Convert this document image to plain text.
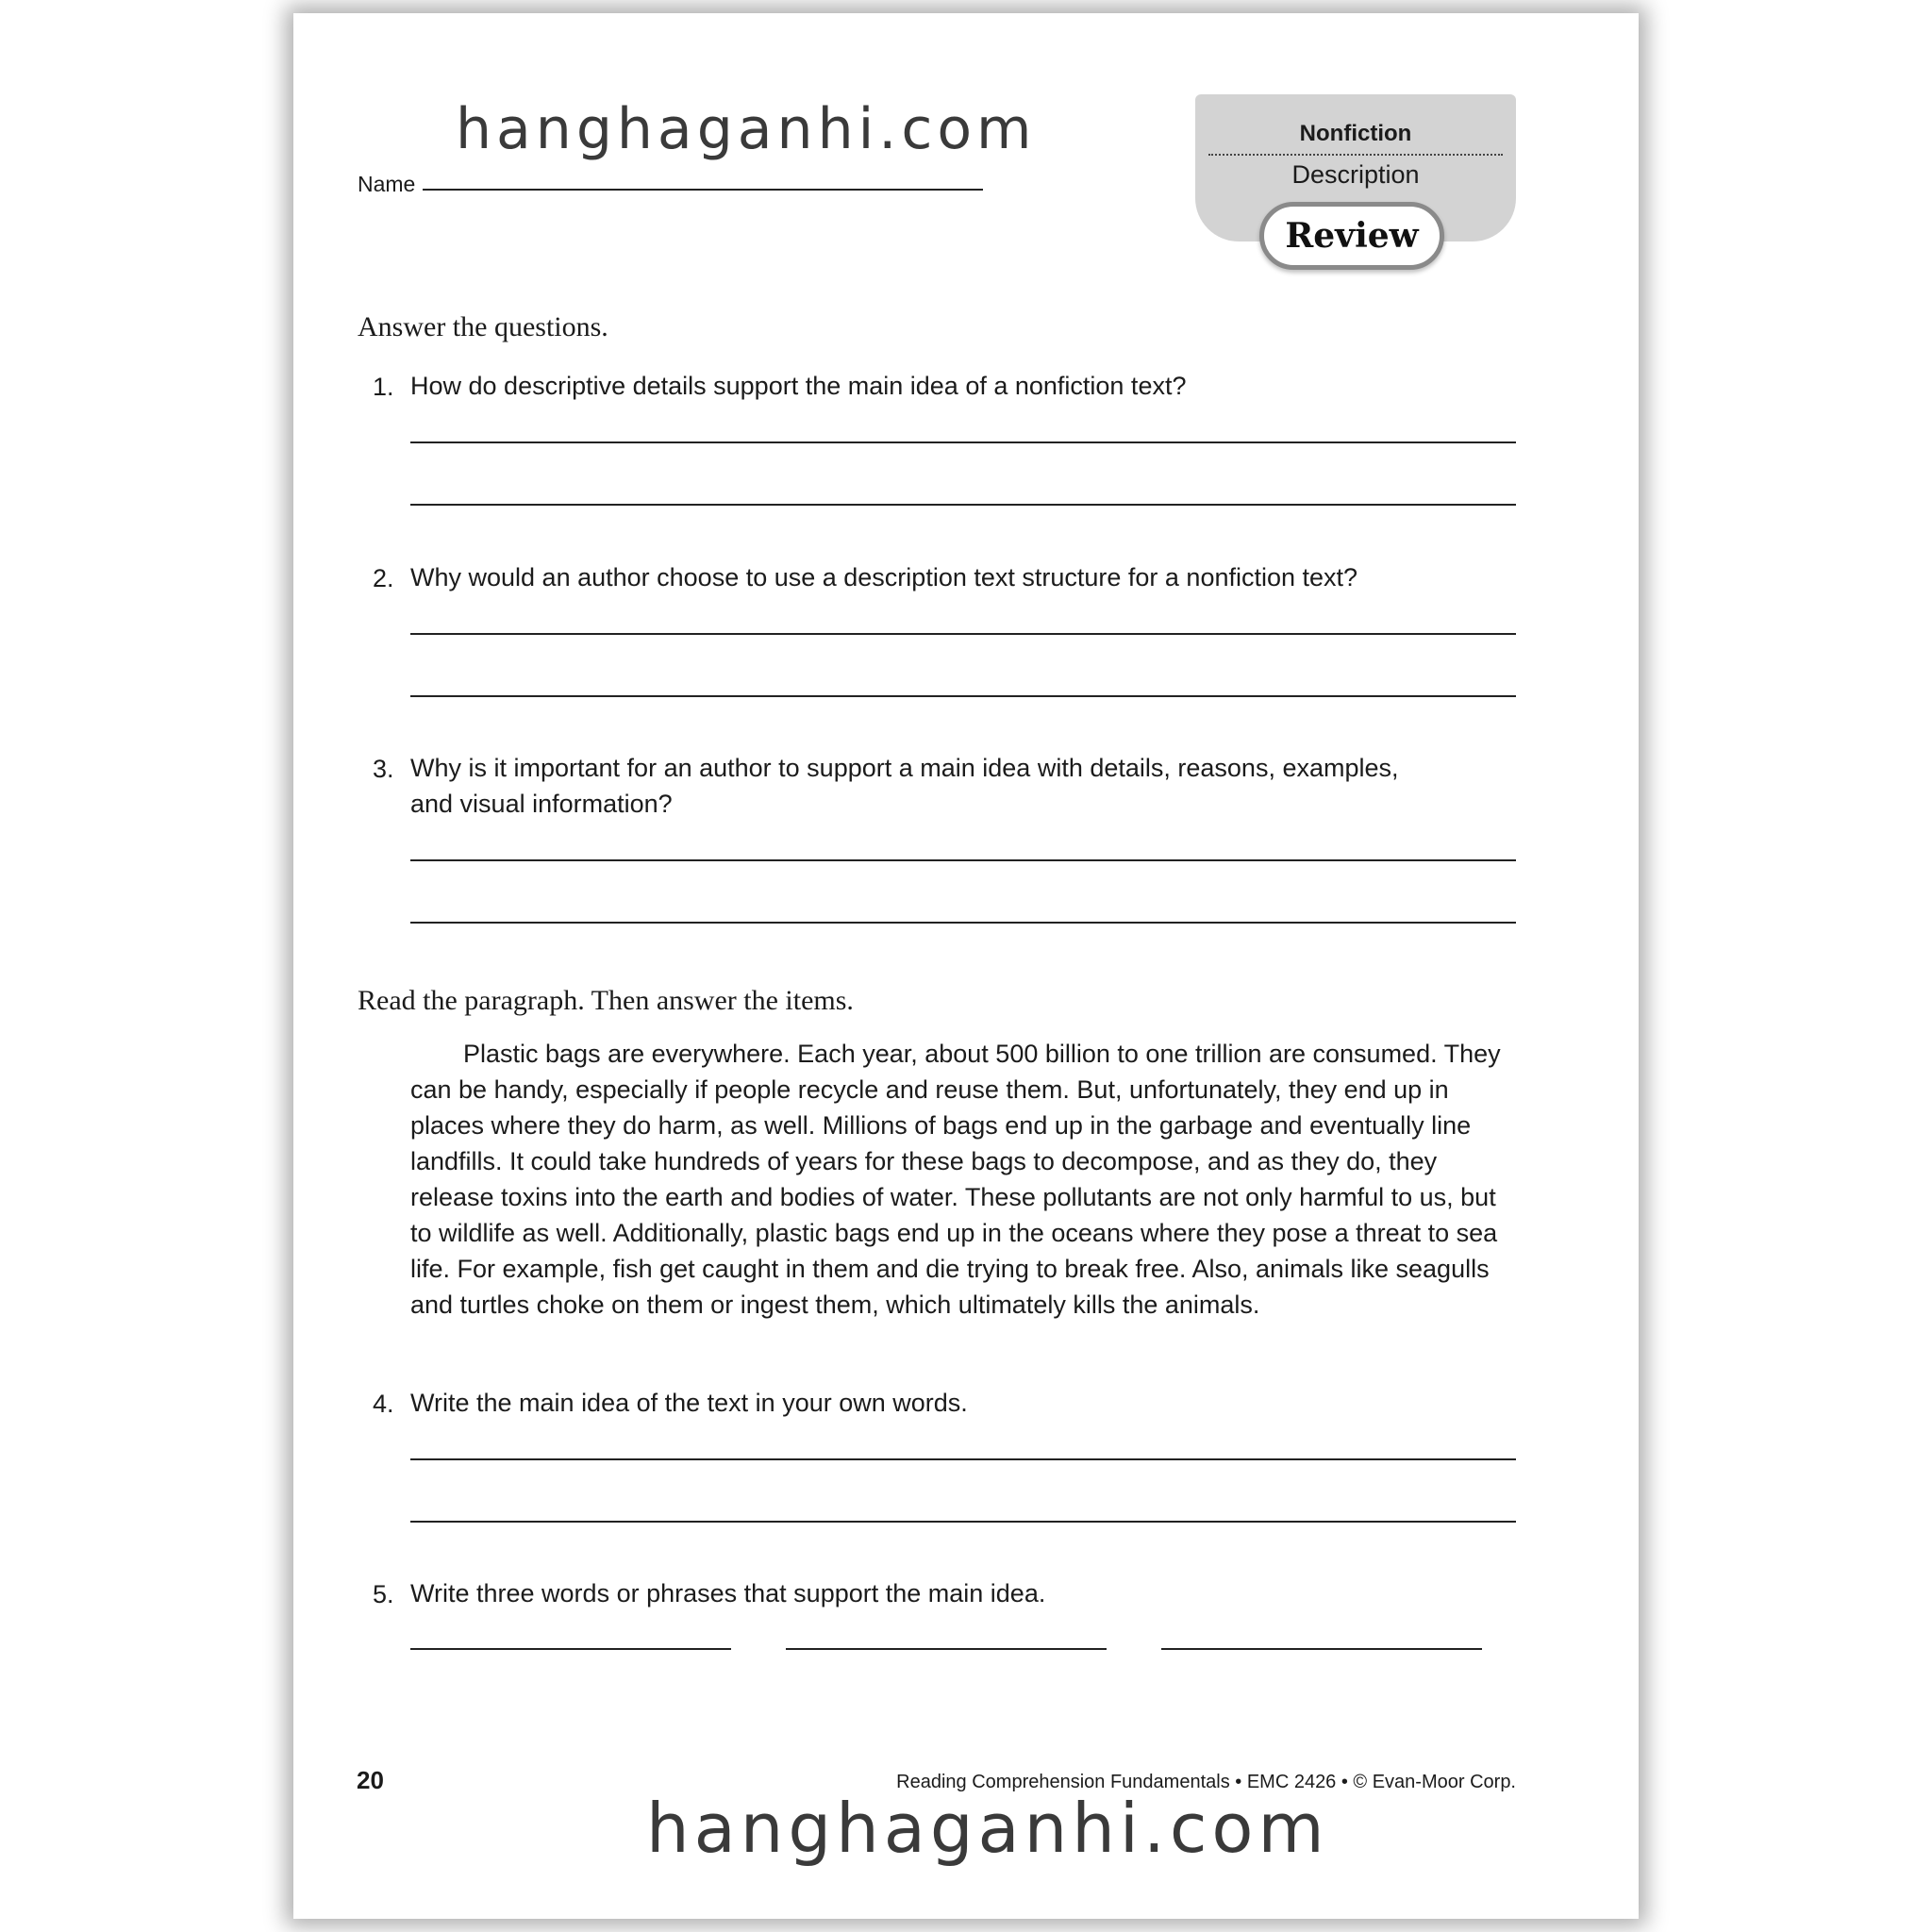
hanghaganhi.com
Name
Nonfiction
Description
Review
Answer the questions.
1. How do descriptive details support the main idea of a nonfiction text?
2. Why would an author choose to use a description text structure for a nonfiction text?
3. Why is it important for an author to support a main idea with details, reasons, examples, and visual information?
Read the paragraph. Then answer the items.

Plastic bags are everywhere. Each year, about 500 billion to one trillion are consumed. They can be handy, especially if people recycle and reuse them. But, unfortunately, they end up in places where they do harm, as well. Millions of bags end up in the garbage and eventually line landfills. It could take hundreds of years for these bags to decompose, and as they do, they release toxins into the earth and bodies of water. These pollutants are not only harmful to us, but to wildlife as well. Additionally, plastic bags end up in the oceans where they pose a threat to sea life. For example, fish get caught in them and die trying to break free. Also, animals like seagulls and turtles choke on them or ingest them, which ultimately kills the animals.

4. Write the main idea of the text in your own words.
5. Write three words or phrases that support the main idea.
20	Reading Comprehension Fundamentals • EMC 2426 • © Evan-Moor Corp.
hanghaganhi.com
